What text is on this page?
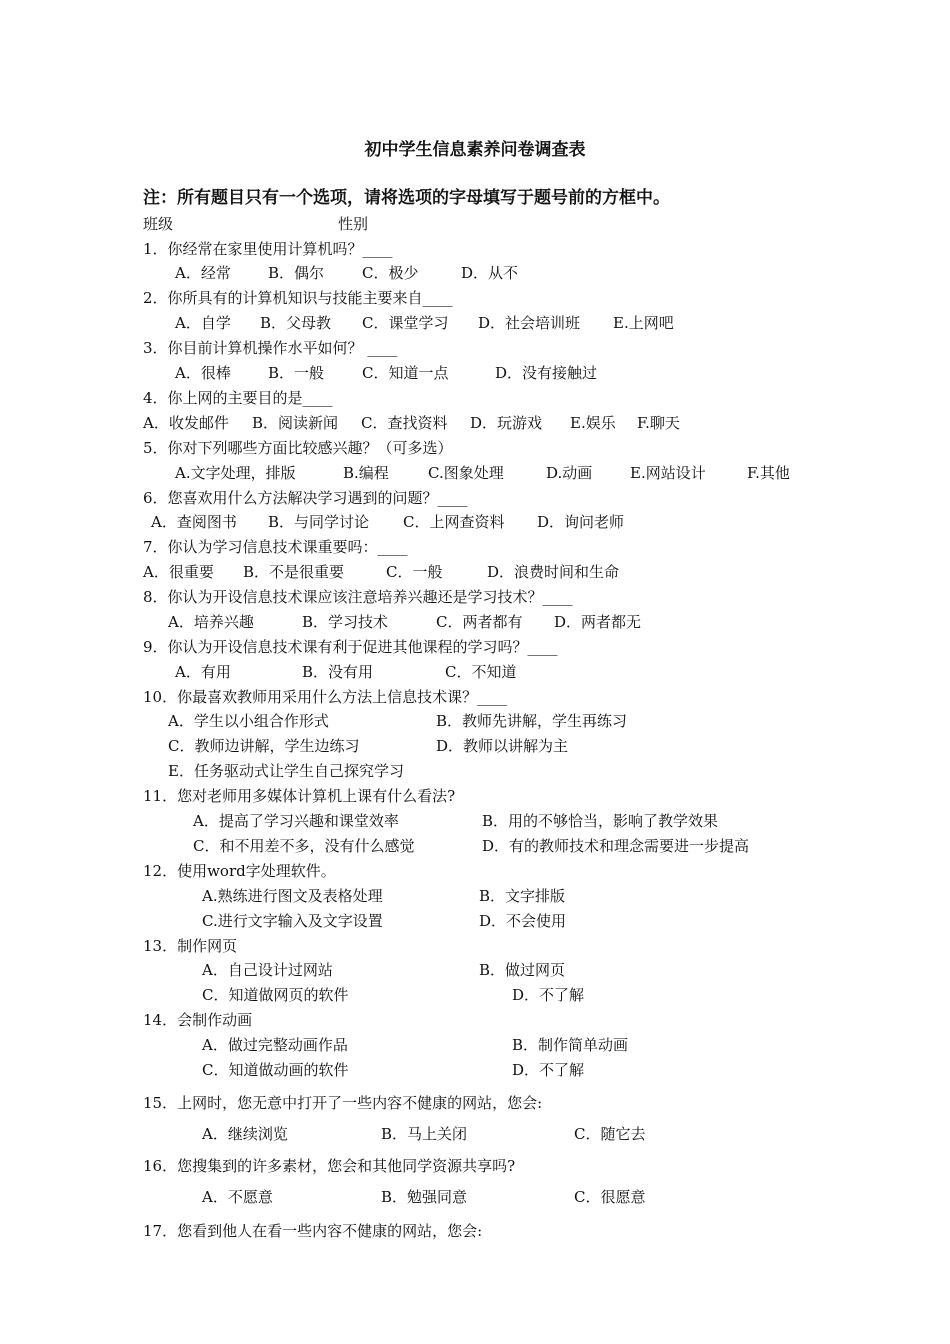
初中学生信息素养问卷调查表
注：所有题目只有一个选项，请将选项的字母填写于题号前的方框中。
班级	性别
1．你经常在家里使用计算机吗？____
A．经常 B．偶尔	C．极少	D．从不
2．你所具有的计算机知识与技能主要来自____
A．自学 B．父母教 C．课堂学习 D．社会培训班 E.上网吧
3．你目前计算机操作水平如何？ ____
A．很棒 B．一般	C．知道一点	D．没有接触过
4．你上网的主要目的是____
A．收发邮件 B．阅读新闻 C．查找资料 D．玩游戏 E.娱乐 F.聊天
5．你对下列哪些方面比较感兴趣？（可多选）
A.文字处理，排版	B.编程	C.图象处理	D.动画	E.网站设计	F.其他
6．您喜欢用什么方法解决学习遇到的问题？____
A．查阅图书 B．与同学讨论 C．上网查资料 D．询问老师
7．你认为学习信息技术课重要吗：____
A．很重要 B．不是很重要	C．一般	D．浪费时间和生命
8．你认为开设信息技术课应该注意培养兴趣还是学习技术？____
A．培养兴趣	B．学习技术	C．两者都有 D．两者都无
9．你认为开设信息技术课有利于促进其他课程的学习吗？____
A．有用	B．没有用	C．不知道
10．你最喜欢教师用采用什么方法上信息技术课？____
A．学生以小组合作形式	B．教师先讲解，学生再练习
C．教师边讲解，学生边练习	D．教师以讲解为主
E．任务驱动式让学生自己探究学习
11．您对老师用多媒体计算机上课有什么看法?
A．提高了学习兴趣和课堂效率	B．用的不够恰当，影响了教学效果
C．和不用差不多，没有什么感觉	D．有的教师技术和理念需要进一步提高
12．使用word字处理软件。
A.熟练进行图文及表格处理	B．文字排版
C.进行文字输入及文字设置	D．不会使用
13．制作网页
A．自己设计过网站	B．做过网页
C．知道做网页的软件	D．不了解
14．会制作动画
A．做过完整动画作品	B．制作简单动画
C．知道做动画的软件	D．不了解
15．上网时，您无意中打开了一些内容不健康的网站，您会:
A．继续浏览	B．马上关闭	C．随它去
16．您搜集到的许多素材，您会和其他同学资源共享吗?
A．不愿意	B．勉强同意	C．很愿意
17．您看到他人在看一些内容不健康的网站，您会:
